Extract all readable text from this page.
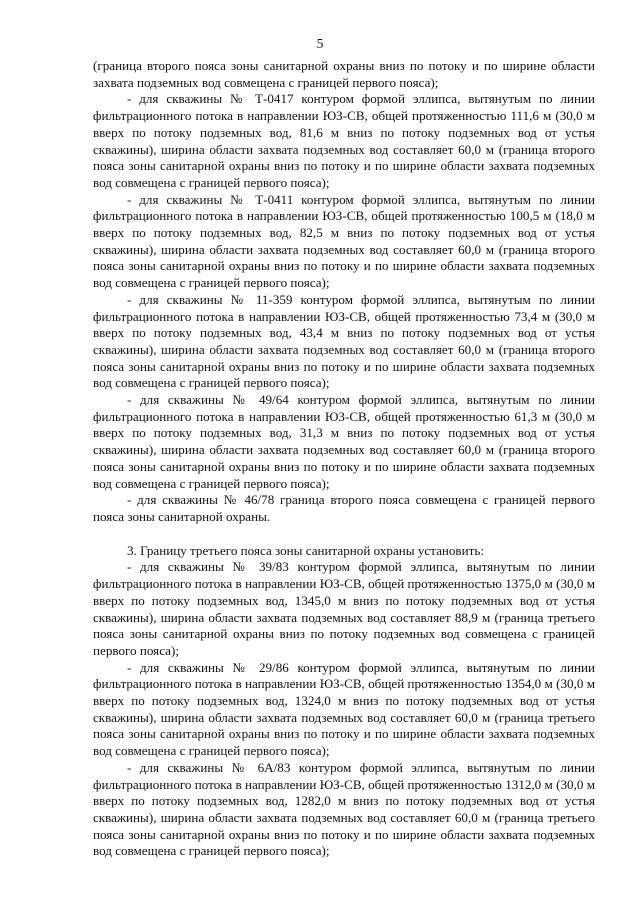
5

(граница второго пояса зоны санитарной охраны вниз по потоку и по ширине области захвата подземных вод совмещена с границей первого пояса);

- для скважины № Т-0417 контуром формой эллипса, вытянутым по линии фильтрационного потока в направлении ЮЗ-СВ, общей протяженностью 111,6 м (30,0 м вверх по потоку подземных вод, 81,6 м вниз по потоку подземных вод от устья скважины), ширина области захвата подземных вод составляет 60,0 м (граница второго пояса зоны санитарной охраны вниз по потоку и по ширине области захвата подземных вод совмещена с границей первого пояса);

- для скважины № Т-0411 контуром формой эллипса, вытянутым по линии фильтрационного потока в направлении ЮЗ-СВ, общей протяженностью 100,5 м (18,0 м вверх по потоку подземных вод, 82,5 м вниз по потоку подземных вод от устья скважины), ширина области захвата подземных вод составляет 60,0 м (граница второго пояса зоны санитарной охраны вниз по потоку и по ширине области захвата подземных вод совмещена с границей первого пояса);

- для скважины № 11-359 контуром формой эллипса, вытянутым по линии фильтрационного потока в направлении ЮЗ-СВ, общей протяженностью 73,4 м (30,0 м вверх по потоку подземных вод, 43,4 м вниз по потоку подземных вод от устья скважины), ширина области захвата подземных вод составляет 60,0 м (граница второго пояса зоны санитарной охраны вниз по потоку и по ширине области захвата подземных вод совмещена с границей первого пояса);

- для скважины № 49/64 контуром формой эллипса, вытянутым по линии фильтрационного потока в направлении ЮЗ-СВ, общей протяженностью 61,3 м (30,0 м вверх по потоку подземных вод, 31,3 м вниз по потоку подземных вод от устья скважины), ширина области захвата подземных вод составляет 60,0 м (граница второго пояса зоны санитарной охраны вниз по потоку и по ширине области захвата подземных вод совмещена с границей первого пояса);

- для скважины № 46/78 граница второго пояса совмещена с границей первого пояса зоны санитарной охраны.

3. Границу третьего пояса зоны санитарной охраны установить:

- для скважины № 39/83 контуром формой эллипса, вытянутым по линии фильтрационного потока в направлении ЮЗ-СВ, общей протяженностью 1375,0 м (30,0 м вверх по потоку подземных вод, 1345,0 м вниз по потоку подземных вод от устья скважины), ширина области захвата подземных вод составляет 88,9 м (граница третьего пояса зоны санитарной охраны вниз по потоку подземных вод совмещена с границей первого пояса);

- для скважины № 29/86 контуром формой эллипса, вытянутым по линии фильтрационного потока в направлении ЮЗ-СВ, общей протяженностью 1354,0 м (30,0 м вверх по потоку подземных вод, 1324,0 м вниз по потоку подземных вод от устья скважины), ширина области захвата подземных вод составляет 60,0 м (граница третьего пояса зоны санитарной охраны вниз по потоку и по ширине области захвата подземных вод совмещена с границей первого пояса);

- для скважины № 6А/83 контуром формой эллипса, вытянутым по линии фильтрационного потока в направлении ЮЗ-СВ, общей протяженностью 1312,0 м (30,0 м вверх по потоку подземных вод, 1282,0 м вниз по потоку подземных вод от устья скважины), ширина области захвата подземных вод составляет 60,0 м (граница третьего пояса зоны санитарной охраны вниз по потоку и по ширине области захвата подземных вод совмещена с границей первого пояса);
